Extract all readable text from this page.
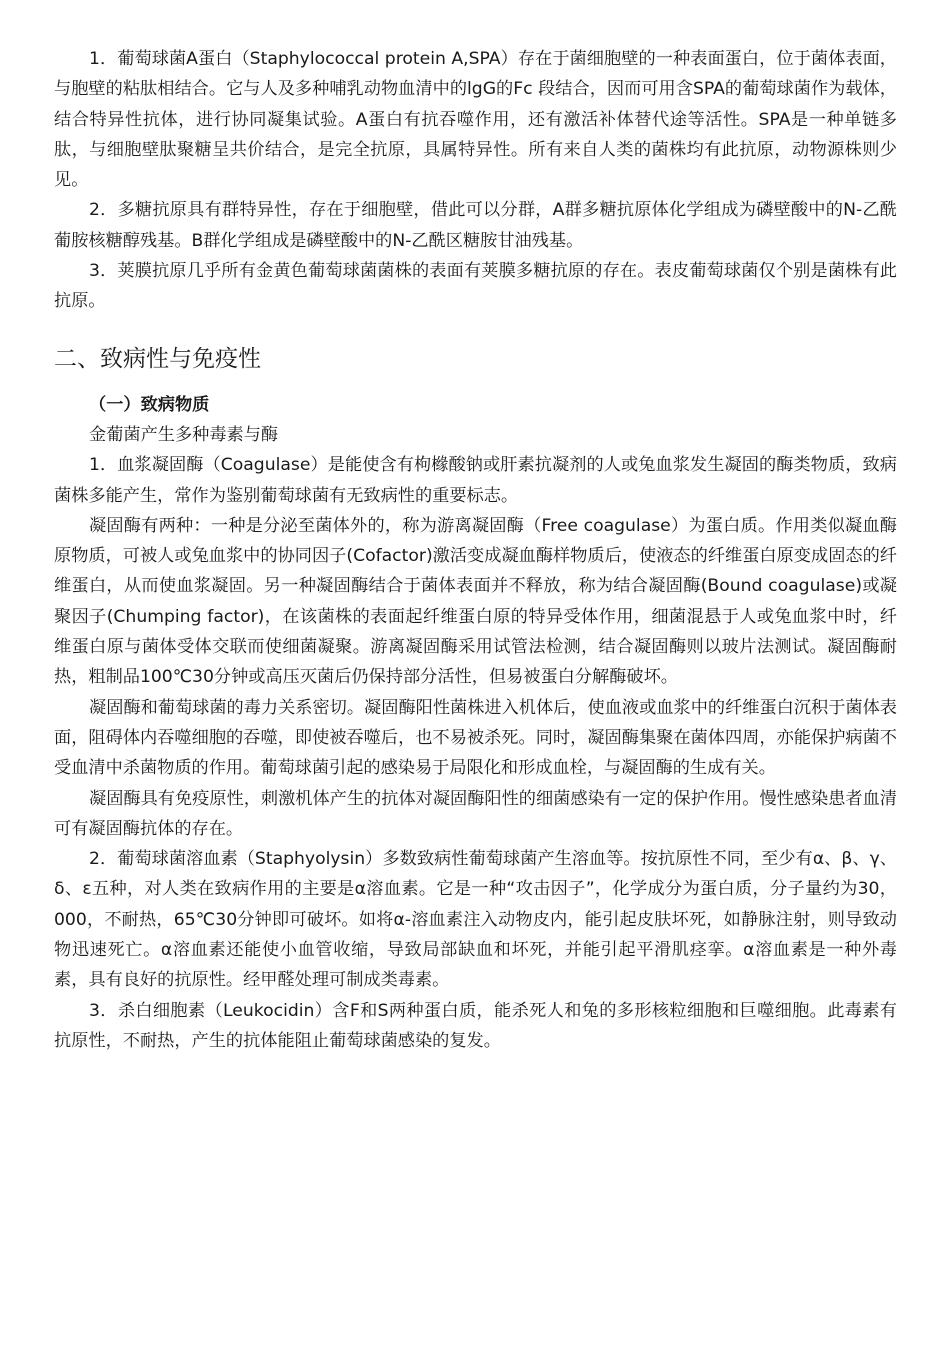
1．葡萄球菌A蛋白（Staphylococcal protein A,SPA）存在于菌细胞壁的一种表面蛋白，位于菌体表面，与胞壁的粘肽相结合。它与人及多种哺乳动物血清中的lgG的Fc 段结合，因而可用含SPA的葡萄球菌作为载体，结合特异性抗体，进行协同凝集试验。A蛋白有抗吞噬作用，还有激活补体替代途等活性。SPA是一种单链多肽，与细胞壁肽聚糖呈共价结合，是完全抗原，具属特异性。所有来自人类的菌株均有此抗原，动物源株则少见。

2．多糖抗原具有群特异性，存在于细胞壁，借此可以分群，A群多糖抗原体化学组成为磷壁酸中的N-乙酰葡胺核糖醇残基。B群化学组成是磷壁酸中的N-乙酰区糖胺甘油残基。

3．荚膜抗原几乎所有金黄色葡萄球菌菌株的表面有荚膜多糖抗原的存在。表皮葡萄球菌仅个别是菌株有此抗原。

二、致病性与免疫性
（一）致病物质

金葡菌产生多种毒素与酶

1．血浆凝固酶（Coagulase）是能使含有枸橼酸钠或肝素抗凝剂的人或兔血浆发生凝固的酶类物质，致病菌株多能产生，常作为鉴别葡萄球菌有无致病性的重要标志。

凝固酶有两种：一种是分泌至菌体外的，称为游离凝固酶（Free coagulase）为蛋白质。作用类似凝血酶原物质，可被人或兔血浆中的协同因子(Cofactor)激活变成凝血酶样物质后，使液态的纤维蛋白原变成固态的纤维蛋白，从而使血浆凝固。另一种凝固酶结合于菌体表面并不释放，称为结合凝固酶(Bound coagulase)或凝聚因子(Chumping factor)，在该菌株的表面起纤维蛋白原的特异受体作用，细菌混悬于人或兔血浆中时，纤维蛋白原与菌体受体交联而使细菌凝聚。游离凝固酶采用试管法检测，结合凝固酶则以玻片法测试。凝固酶耐热，粗制品100℃30分钟或高压灭菌后仍保持部分活性，但易被蛋白分解酶破坏。

凝固酶和葡萄球菌的毒力关系密切。凝固酶阳性菌株进入机体后，使血液或血浆中的纤维蛋白沉积于菌体表面，阻碍体内吞噬细胞的吞噬，即使被吞噬后，也不易被杀死。同时，凝固酶集聚在菌体四周，亦能保护病菌不受血清中杀菌物质的作用。葡萄球菌引起的感染易于局限化和形成血栓，与凝固酶的生成有关。

凝固酶具有免疫原性，刺激机体产生的抗体对凝固酶阳性的细菌感染有一定的保护作用。慢性感染患者血清可有凝固酶抗体的存在。

2．葡萄球菌溶血素（Staphyolysin）多数致病性葡萄球菌产生溶血等。按抗原性不同，至少有α、β、γ、δ、ε五种，对人类在致病作用的主要是α溶血素。它是一种“攻击因子”，化学成分为蛋白质，分子量约为30，000，不耐热，65℃30分钟即可破坏。如将α-溶血素注入动物皮内，能引起皮肤坏死，如静脉注射，则导致动物迅速死亡。α溶血素还能使小血管收缩，导致局部缺血和坏死，并能引起平滑肌痉挛。α溶血素是一种外毒素，具有良好的抗原性。经甲醛处理可制成类毒素。

3．杀白细胞素（Leukocidin）含F和S两种蛋白质，能杀死人和兔的多形核粒细胞和巨噬细胞。此毒素有抗原性，不耐热，产生的抗体能阻止葡萄球菌感染的复发。
